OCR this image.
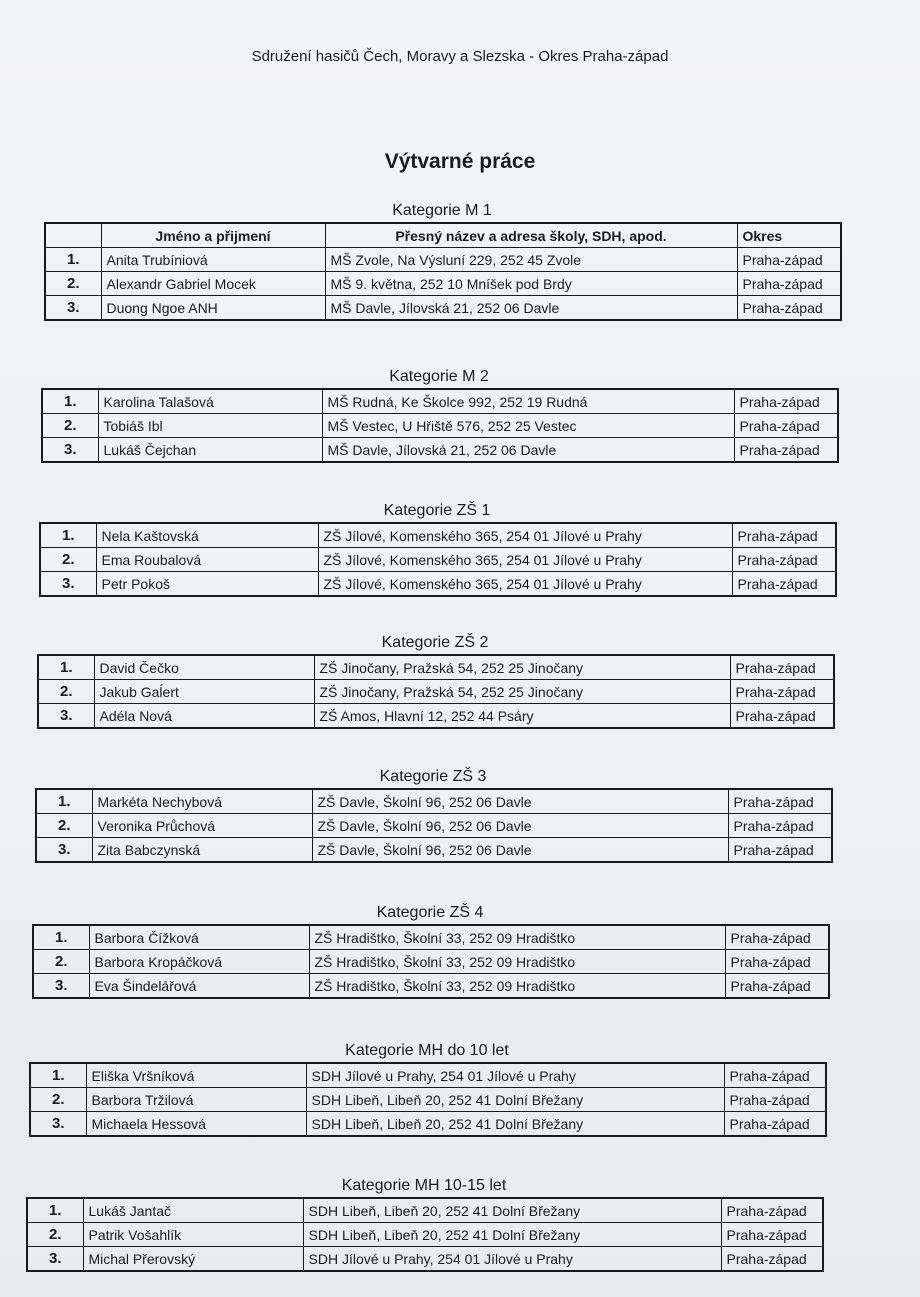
Sdružení hasičů Čech, Moravy a Slezska - Okres Praha-západ
Výtvarné práce
Kategorie M 1
	Jméno a přijmení	Přesný název a adresa školy, SDH, apod.	Okres
1.	Anita Trubíniová	MŠ Zvole, Na Výsluní 229, 252 45 Zvole	Praha-západ
2.	Alexandr Gabriel Mocek	MŠ 9. května, 252 10 Mníšek pod Brdy	Praha-západ
3.	Duong Ngoe ANH	MŠ Davle, Jílovská 21, 252 06 Davle	Praha-západ
Kategorie M 2
1.	Karolina Talašová	MŠ Rudná, Ke Školce 992, 252 19 Rudná	Praha-západ
2.	Tobiáš Ibl	MŠ Vestec, U Hřiště 576, 252 25 Vestec	Praha-západ
3.	Lukáš Čejchan	MŠ Davle, Jílovská 21, 252 06 Davle	Praha-západ
Kategorie ZŠ 1
1.	Nela Kaštovská	ZŠ Jílové, Komenského 365, 254 01 Jílové u Prahy	Praha-západ
2.	Ema Roubalová	ZŠ Jílové, Komenského 365, 254 01 Jílové u Prahy	Praha-západ
3.	Petr Pokoš	ZŠ Jílové, Komenského 365, 254 01 Jílové u Prahy	Praha-západ
Kategorie ZŠ 2
1.	David Čečko	ZŠ Jinočany, Pražská 54, 252 25 Jinočany	Praha-západ
2.	Jakub Gaĺert	ZŠ Jinočany, Pražská 54, 252 25 Jinočany	Praha-západ
3.	Adéla Nová	ZŠ Amos, Hlavní 12, 252 44 Psáry	Praha-západ
Kategorie ZŠ 3
1.	Markéta Nechybová	ZŠ Davle, Školní 96, 252 06 Davle	Praha-západ
2.	Veronika Průchová	ZŠ Davle, Školní 96, 252 06 Davle	Praha-západ
3.	Zita Babczynská	ZŠ Davle, Školní 96, 252 06 Davle	Praha-západ
Kategorie ZŠ 4
1.	Barbora Čížková	ZŠ Hradištko, Školní 33, 252 09 Hradištko	Praha-západ
2.	Barbora Kropáčková	ZŠ Hradištko, Školní 33, 252 09 Hradištko	Praha-západ
3.	Eva Šindelářová	ZŠ Hradištko, Školní 33, 252 09 Hradištko	Praha-západ
Kategorie MH do 10 let
1.	Eliška Vršníková	SDH Jílové u Prahy, 254 01 Jílové u Prahy	Praha-západ
2.	Barbora Tržilová	SDH Libeň, Libeň 20, 252 41 Dolní Břežany	Praha-západ
3.	Michaela Hessová	SDH Libeň, Libeň 20, 252 41 Dolní Břežany	Praha-západ
Kategorie MH 10-15 let
1.	Lukáš Jantač	SDH Libeň, Libeň 20, 252 41 Dolní Břežany	Praha-západ
2.	Patrik Vošahlík	SDH Libeň, Libeň 20, 252 41 Dolní Břežany	Praha-západ
3.	Michal Přerovský	SDH Jílové u Prahy, 254 01 Jílové u Prahy	Praha-západ
